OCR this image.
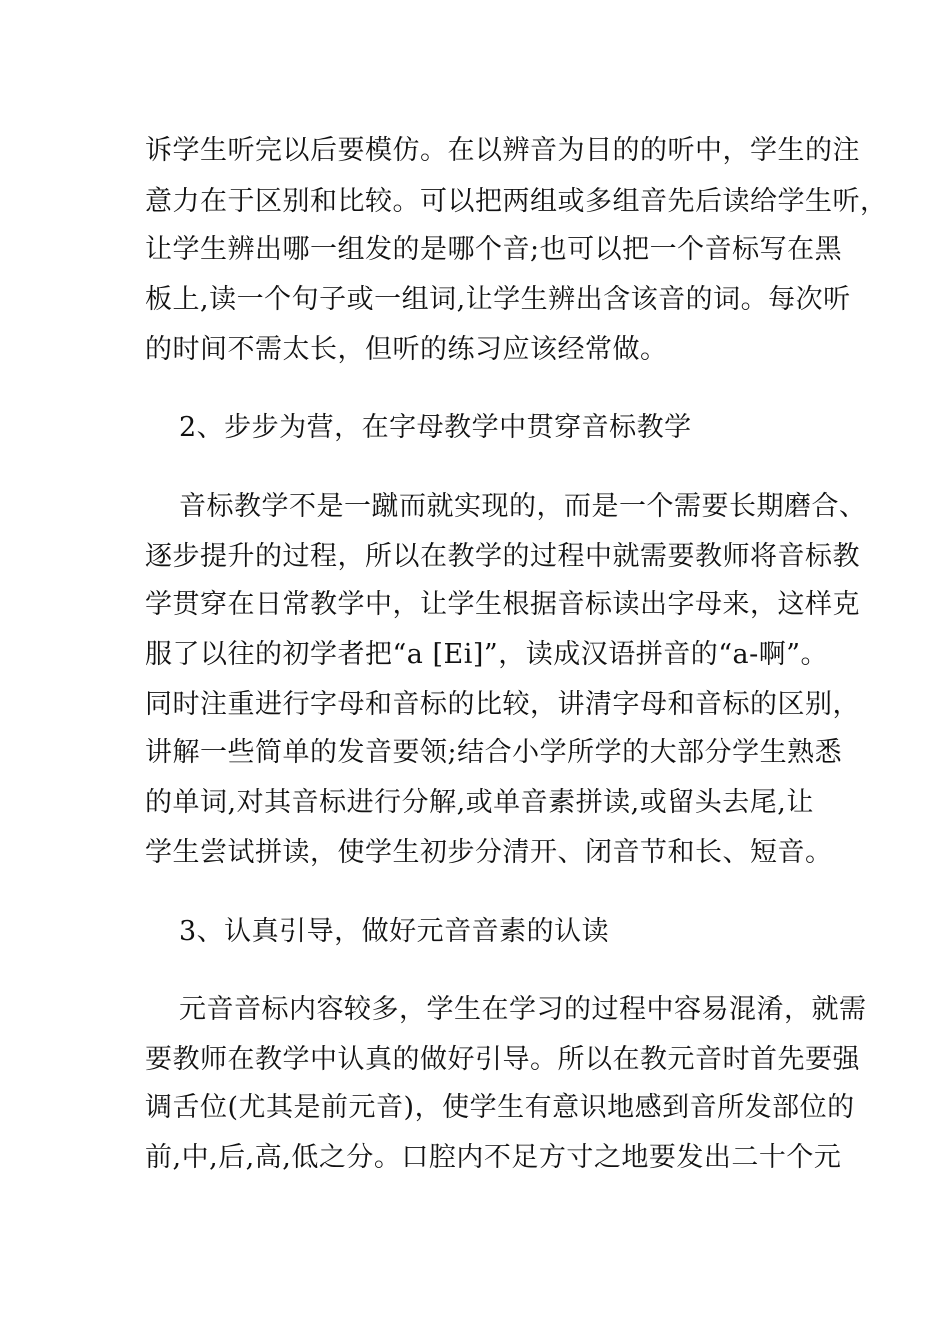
诉学生听完以后要模仿。在以辨音为目的的听中，学生的注
意力在于区别和比较。可以把两组或多组音先后读给学生听，
让学生辨出哪一组发的是哪个音;也可以把一个音标写在黑
板上,读一个句子或一组词,让学生辨出含该音的词。每次听
的时间不需太长，但听的练习应该经常做。
2、步步为营，在字母教学中贯穿音标教学
音标教学不是一蹴而就实现的，而是一个需要长期磨合、
逐步提升的过程，所以在教学的过程中就需要教师将音标教
学贯穿在日常教学中，让学生根据音标读出字母来，这样克
服了以往的初学者把“a [Ei]”，读成汉语拼音的“a-啊”。
同时注重进行字母和音标的比较，讲清字母和音标的区别，
讲解一些简单的发音要领;结合小学所学的大部分学生熟悉
的单词,对其音标进行分解,或单音素拼读,或留头去尾,让
学生尝试拼读，使学生初步分清开、闭音节和长、短音。
3、认真引导，做好元音音素的认读
元音音标内容较多，学生在学习的过程中容易混淆，就需
要教师在教学中认真的做好引导。所以在教元音时首先要强
调舌位(尤其是前元音)，使学生有意识地感到音所发部位的
前,中,后,高,低之分。口腔内不足方寸之地要发出二十个元
